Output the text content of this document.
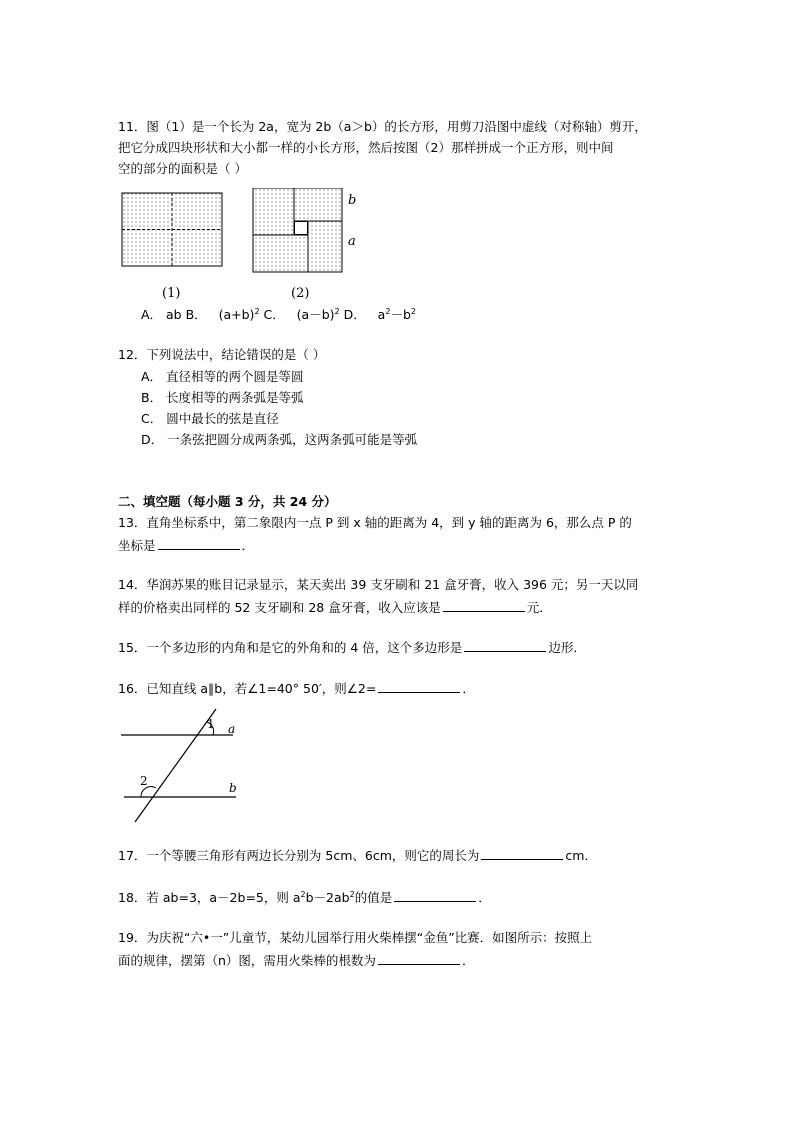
11．图（1）是一个长为 2a，宽为 2b（a＞b）的长方形，用剪刀沿图中虚线（对称轴）剪开，
把它分成四块形状和大小都一样的小长方形，然后按图（2）那样拼成一个正方形，则中间
空的部分的面积是（ ）
b
a
(1)	(2)
A． ab B． $(a+b)^2$ C． $(a-b)^2$ D． $a^2-b^2$
12．下列说法中，结论错误的是（ ）
A． 直径相等的两个圆是等圆
B． 长度相等的两条弧是等弧
C． 圆中最长的弦是直径
D． 一条弦把圆分成两条弧，这两条弧可能是等弧
二、填空题（每小题 3 分，共 24 分）
13．直角坐标系中，第二象限内一点 P 到 x 轴的距离为 4，到 y 轴的距离为 6，那么点 P 的
坐标是	．
14．华润苏果的账目记录显示，某天卖出 39 支牙刷和 21 盒牙膏，收入 396 元；另一天以同
样的价格卖出同样的 52 支牙刷和 28 盒牙膏，收入应该是	元．
15．一个多边形的内角和是它的外角和的 4 倍，这个多边形是	边形．
16．已知直线 a∥b，若∠1=40° 50′，则∠2=	．
1 a
2	b
17．一个等腰三角形有两边长分别为 5cm、6cm，则它的周长为	cm．
18．若 ab=3，a－2b=5，则 $a^2b-2ab^2$的值是	．
19．为庆祝“六•一”儿童节，某幼儿园举行用火柴棒摆“金鱼”比赛．如图所示：按照上
面的规律，摆第（n）图，需用火柴棒的根数为	．
